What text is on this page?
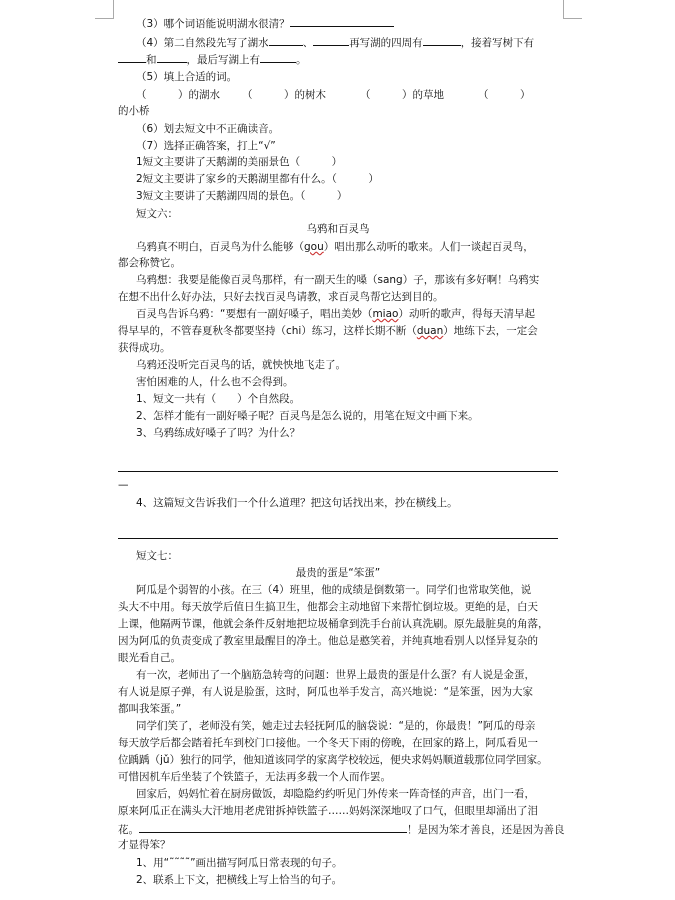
（3）哪个词语能说明湖水很清？
（4）第二自然段先写了湖水	、	再写湖的四周有	，接着写树下有
和	，最后写湖上有	。
（5）填上合适的词。
（　　　）的湖水 （　　　）的树木	（　　　）的草地	（　　　）
的小桥
（6）划去短文中不正确读音。
（7）选择正确答案，打上“√”
1短文主要讲了天鹅湖的美丽景色（　　　）
2短文主要讲了家乡的天鹅湖里都有什么。（　　　）
3短文主要讲了天鹅湖四周的景色。（　　　）
短文六：
乌鸦和百灵鸟
乌鸦真不明白，百灵鸟为什么能够（gou）唱出那么动听的歌来。人们一谈起百灵鸟，
都会称赞它。
乌鸦想：我要是能像百灵鸟那样，有一副天生的嗓（sang）子，那该有多好啊！乌鸦实
在想不出什么好办法，只好去找百灵鸟请教，求百灵鸟帮它达到目的。
百灵鸟告诉乌鸦：“要想有一副好嗓子，唱出美妙（miao）动听的歌声，得每天清早起
得早早的，不管春夏秋冬都要坚持（chi）练习，这样长期不断（duan）地练下去，一定会
获得成功。
乌鸦还没听完百灵鸟的话，就怏怏地飞走了。
害怕困难的人，什么也不会得到。
1、短文一共有（　　）个自然段。
2、怎样才能有一副好嗓子呢？百灵鸟是怎么说的，用笔在短文中画下来。
3、乌鸦练成好嗓子了吗？为什么？
—
4、这篇短文告诉我们一个什么道理？把这句话找出来，抄在横线上。
短文七：
最贵的蛋是“笨蛋”
阿瓜是个弱智的小孩。在三（4）班里，他的成绩是倒数第一。同学们也常取笑他，说
头大不中用。每天放学后值日生搞卫生，他都会主动地留下来帮忙倒垃圾。更绝的是，白天
上课，他隔两节课，他就会条件反射地把垃圾桶拿到洗手台前认真洗刷。原先最脏臭的角落，
因为阿瓜的负责变成了教室里最醒目的净土。他总是憨笑着，并纯真地看别人以怪异复杂的
眼光看自己。
有一次，老师出了一个脑筋急转弯的问题：世界上最贵的蛋是什么蛋？有人说是金蛋，
有人说是原子弹，有人说是脸蛋，这时，阿瓜也举手发言，高兴地说：“是笨蛋，因为大家
都叫我笨蛋。”
同学们笑了，老师没有笑，她走过去轻抚阿瓜的脑袋说：“是的，你最贵！”阿瓜的母亲
每天放学后都会踏着托车到校门口接他。一个冬天下雨的傍晚，在回家的路上，阿瓜看见一
位踽踽（jǔ）独行的同学，他知道该同学的家离学校较远，便央求妈妈顺道载那位同学回家。
可惜因机车后坐装了个铁篮子，无法再多载一个人而作罢。
回家后，妈妈忙着在厨房做饭，却隐隐约约听见门外传来一阵奇怪的声音，出门一看，
原来阿瓜正在满头大汗地用老虎钳拆掉铁篮子……妈妈深深地叹了口气，但眼里却涌出了泪
花。	！是因为笨才善良，还是因为善良
才显得笨？
1、用“˜˜˜˜”画出描写阿瓜日常表现的句子。
2、联系上下文，把横线上写上恰当的句子。
